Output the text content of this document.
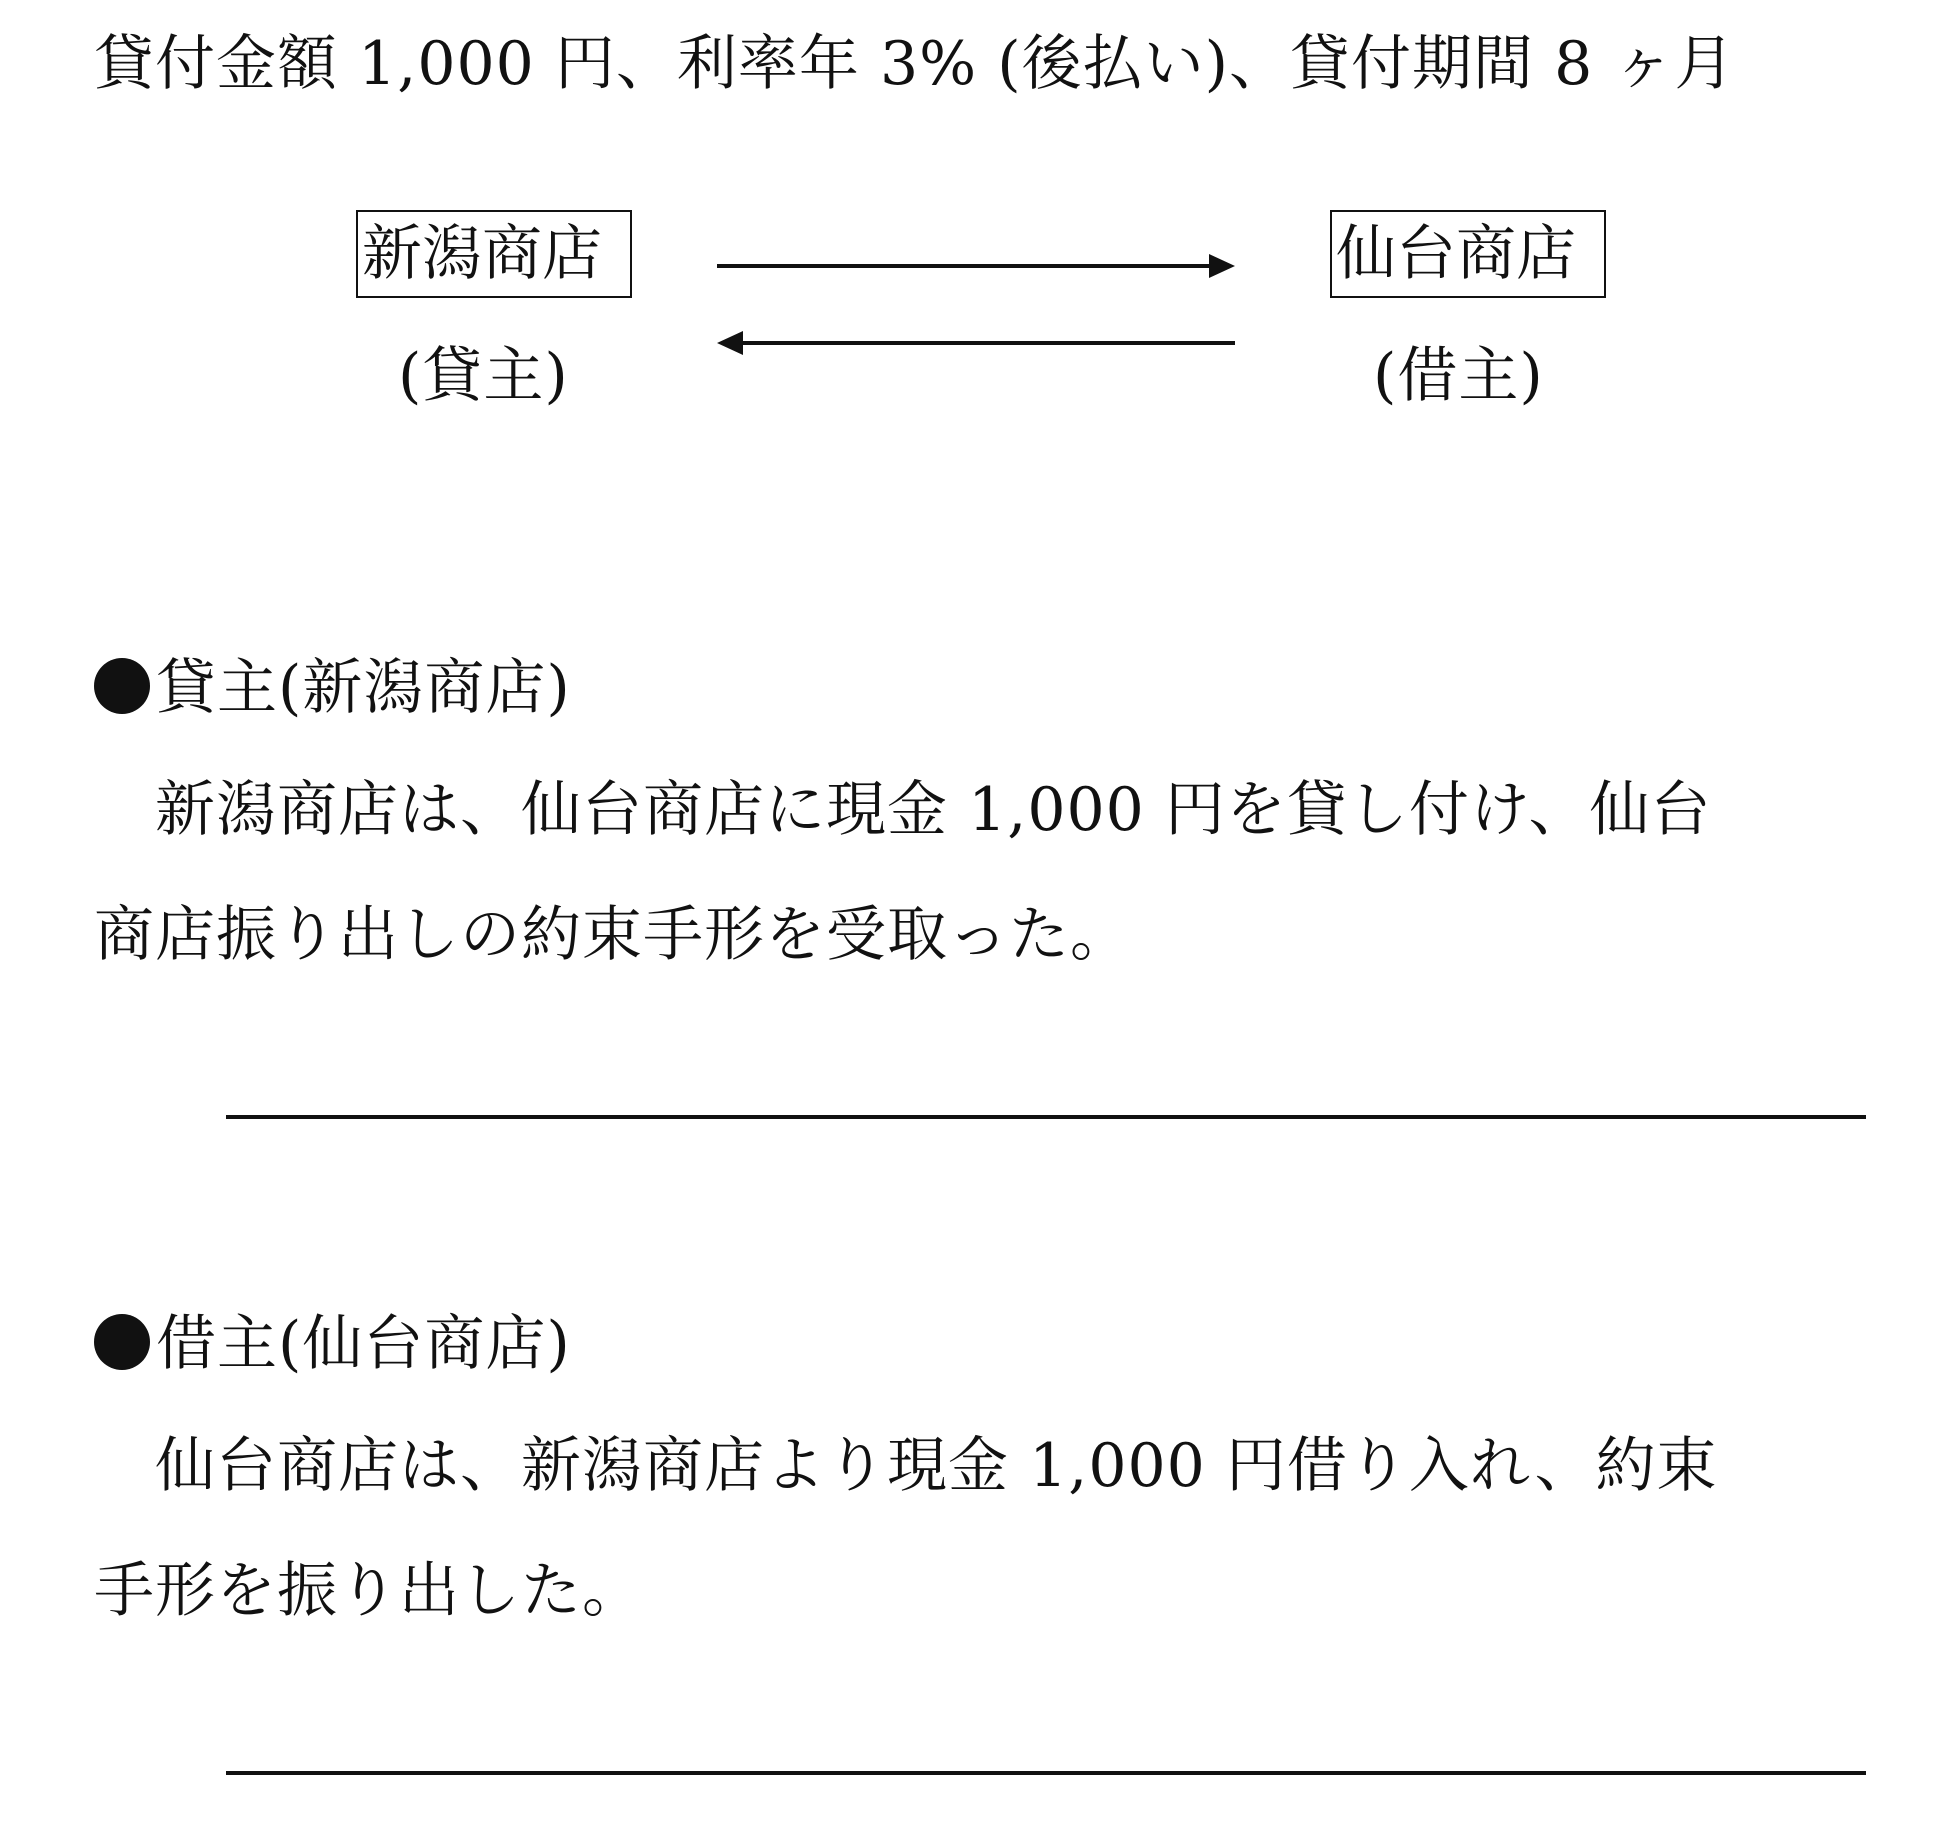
貸付金額 1,000 円、利率年 3% (後払い)、貸付期間 8 ヶ月
新潟商店	仙台商店
(貸主)	(借主)
貸主(新潟商店)
　新潟商店は、仙台商店に現金 1,000 円を貸し付け、仙台
商店振り出しの約束手形を受取った。
借主(仙台商店)
　仙台商店は、新潟商店より現金 1,000 円借り入れ、約束
手形を振り出した。
